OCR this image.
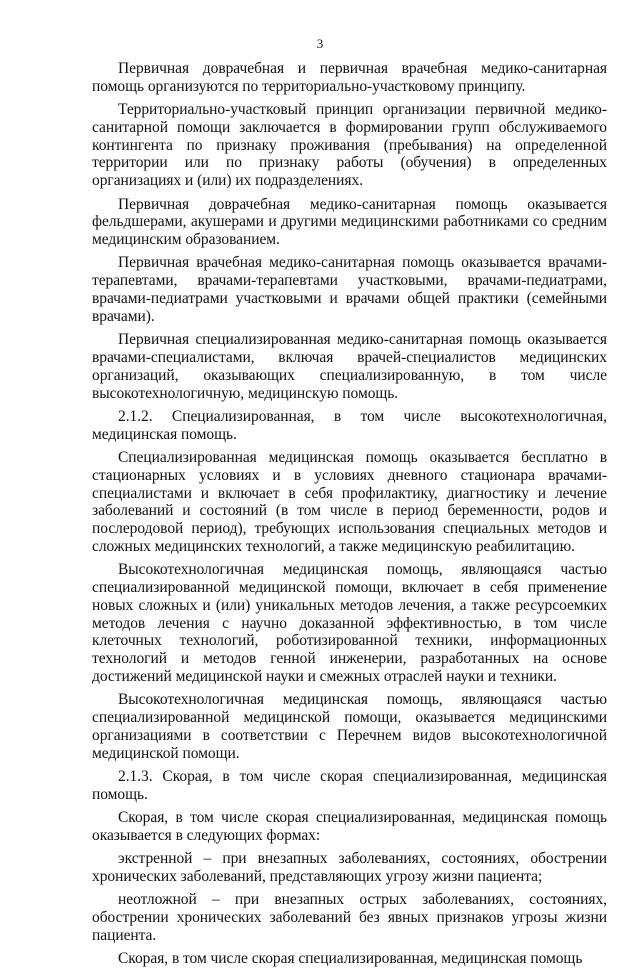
3

Первичная доврачебная и первичная врачебная медико-санитарная помощь организуются по территориально-участковому принципу.

Территориально-участковый принцип организации первичной медико-санитарной помощи заключается в формировании групп обслуживаемого контингента по признаку проживания (пребывания) на определенной территории или по признаку работы (обучения) в определенных организациях и (или) их подразделениях.

Первичная доврачебная медико-санитарная помощь оказывается фельдшерами, акушерами и другими медицинскими работниками со средним медицинским образованием.

Первичная врачебная медико-санитарная помощь оказывается врачами-терапевтами, врачами-терапевтами участковыми, врачами-педиатрами, врачами-педиатрами участковыми и врачами общей практики (семейными врачами).

Первичная специализированная медико-санитарная помощь оказывается врачами-специалистами, включая врачей-специалистов медицинских организаций, оказывающих специализированную, в том числе высокотехнологичную, медицинскую помощь.

2.1.2. Специализированная, в том числе высокотехнологичная, медицинская помощь.

Специализированная медицинская помощь оказывается бесплатно в стационарных условиях и в условиях дневного стационара врачами-специалистами и включает в себя профилактику, диагностику и лечение заболеваний и состояний (в том числе в период беременности, родов и послеродовой период), требующих использования специальных методов и сложных медицинских технологий, а также медицинскую реабилитацию.

Высокотехнологичная медицинская помощь, являющаяся частью специализированной медицинской помощи, включает в себя применение новых сложных и (или) уникальных методов лечения, а также ресурсоемких методов лечения с научно доказанной эффективностью, в том числе клеточных технологий, роботизированной техники, информационных технологий и методов генной инженерии, разработанных на основе достижений медицинской науки и смежных отраслей науки и техники.

Высокотехнологичная медицинская помощь, являющаяся частью специализированной медицинской помощи, оказывается медицинскими организациями в соответствии с Перечнем видов высокотехнологичной медицинской помощи.

2.1.3. Скорая, в том числе скорая специализированная, медицинская помощь.

Скорая, в том числе скорая специализированная, медицинская помощь оказывается в следующих формах:

экстренной – при внезапных заболеваниях, состояниях, обострении хронических заболеваний, представляющих угрозу жизни пациента;

неотложной – при внезапных острых заболеваниях, состояниях, обострении хронических заболеваний без явных признаков угрозы жизни пациента.

Скорая, в том числе скорая специализированная, медицинская помощь
